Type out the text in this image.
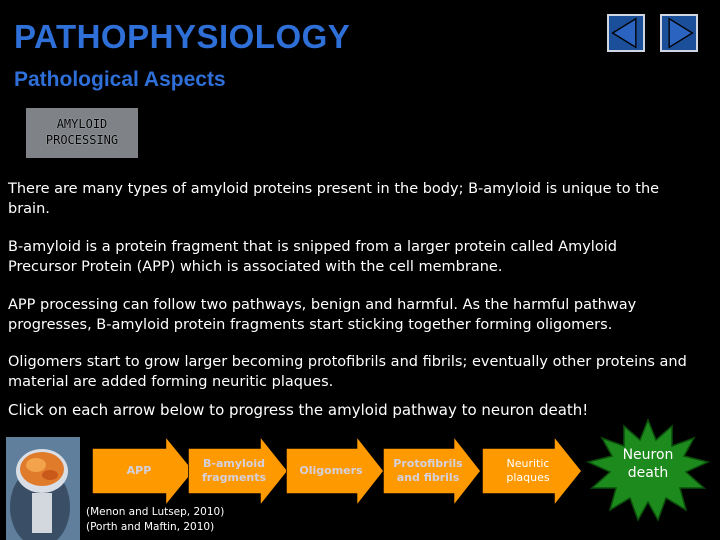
PATHOPHYSIOLOGY
Pathological Aspects
AMYLOID
PROCESSING
There are many types of amyloid proteins present in the body; Β-amyloid is unique to the brain.
Β-amyloid is a protein fragment that is snipped from a larger protein called Amyloid Precursor Protein (APP) which is associated with the cell membrane.
APP processing can follow two pathways, benign and harmful. As the harmful pathway progresses, Β-amyloid protein fragments start sticking together forming oligomers.
Oligomers start to grow larger becoming protofibrils and fibrils; eventually other proteins and material are added forming neuritic plaques.
Click on each arrow below to progress the amyloid pathway to neuron death!
APP

Β-amyloid
fragments
Oligomers

Protofibrils
and fibrils
Neuritic
plaques
Neuron
death
(Menon and Lutsep, 2010)
(Porth and Maftin, 2010)
